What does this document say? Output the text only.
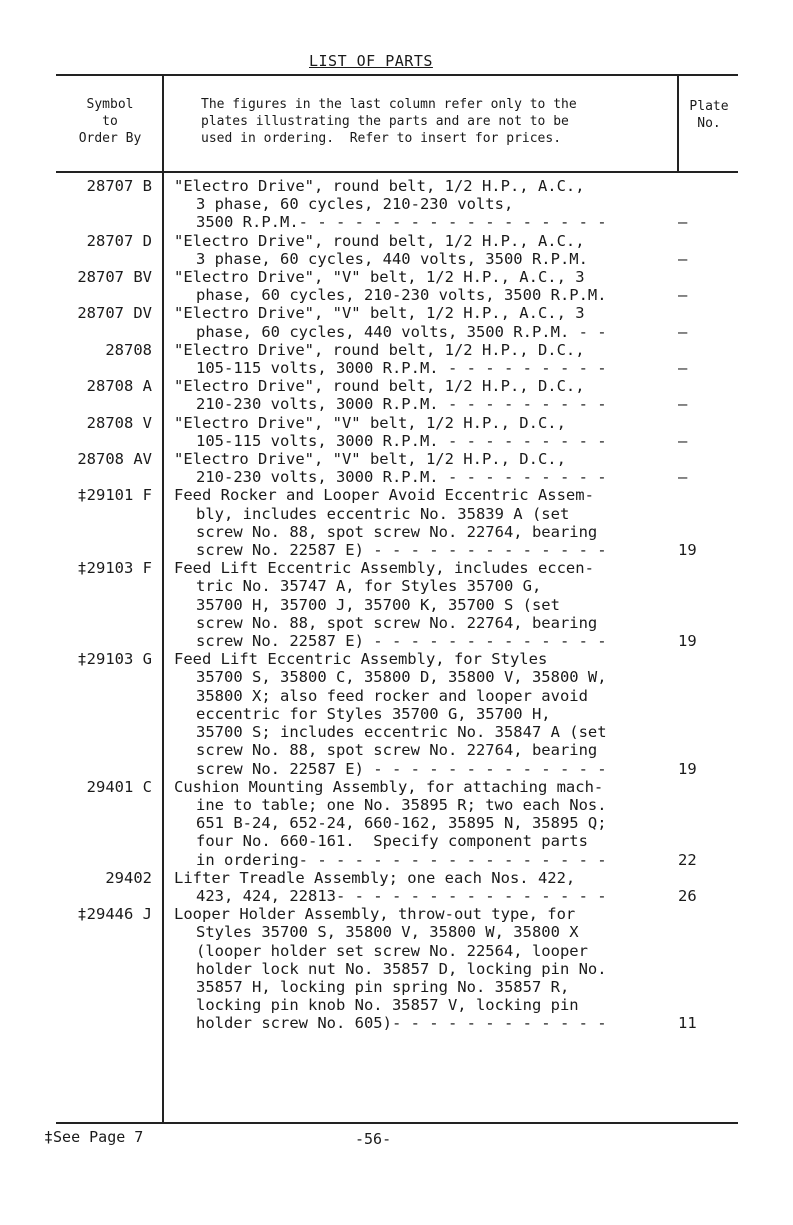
LIST OF PARTS
Symbol
to
Order By
The figures in the last column refer only to the
plates illustrating the parts and are not to be
used in ordering.  Refer to insert for prices.
Plate
No.
28707 B "Electro Drive", round belt, 1/2 H.P., A.C.,
3 phase, 60 cycles, 210-230 volts,
3500 R.P.M.- - - - - - - - - - - - - - - - -	—
28707 D "Electro Drive", round belt, 1/2 H.P., A.C.,
3 phase, 60 cycles, 440 volts, 3500 R.P.M.	—
28707 BV "Electro Drive", "V" belt, 1/2 H.P., A.C., 3
phase, 60 cycles, 210-230 volts, 3500 R.P.M.	—
28707 DV "Electro Drive", "V" belt, 1/2 H.P., A.C., 3
phase, 60 cycles, 440 volts, 3500 R.P.M. - -	—
28708 "Electro Drive", round belt, 1/2 H.P., D.C.,
105-115 volts, 3000 R.P.M. - - - - - - - - -	—
28708 A "Electro Drive", round belt, 1/2 H.P., D.C.,
210-230 volts, 3000 R.P.M. - - - - - - - - -	—
28708 V "Electro Drive", "V" belt, 1/2 H.P., D.C.,
105-115 volts, 3000 R.P.M. - - - - - - - - -	—
28708 AV "Electro Drive", "V" belt, 1/2 H.P., D.C.,
210-230 volts, 3000 R.P.M. - - - - - - - - -	—
‡29101 F Feed Rocker and Looper Avoid Eccentric Assem-
bly, includes eccentric No. 35839 A (set
screw No. 88, spot screw No. 22764, bearing
screw No. 22587 E) - - - - - - - - - - - - -	19
‡29103 F Feed Lift Eccentric Assembly, includes eccen-
tric No. 35747 A, for Styles 35700 G,
35700 H, 35700 J, 35700 K, 35700 S (set
screw No. 88, spot screw No. 22764, bearing
screw No. 22587 E) - - - - - - - - - - - - -	19
‡29103 G Feed Lift Eccentric Assembly, for Styles
35700 S, 35800 C, 35800 D, 35800 V, 35800 W,
35800 X; also feed rocker and looper avoid
eccentric for Styles 35700 G, 35700 H,
35700 S; includes eccentric No. 35847 A (set
screw No. 88, spot screw No. 22764, bearing
screw No. 22587 E) - - - - - - - - - - - - -	19
29401 C Cushion Mounting Assembly, for attaching mach-
ine to table; one No. 35895 R; two each Nos.
651 B-24, 652-24, 660-162, 35895 N, 35895 Q;
four No. 660-161.  Specify component parts
in ordering- - - - - - - - - - - - - - - - -	22
29402 Lifter Treadle Assembly; one each Nos. 422,
423, 424, 22813- - - - - - - - - - - - - - -	26
‡29446 J Looper Holder Assembly, throw-out type, for
Styles 35700 S, 35800 V, 35800 W, 35800 X
(looper holder set screw No. 22564, looper
holder lock nut No. 35857 D, locking pin No.
35857 H, locking pin spring No. 35857 R,
locking pin knob No. 35857 V, locking pin
holder screw No. 605)- - - - - - - - - - - -	11
‡See Page 7	-56-
